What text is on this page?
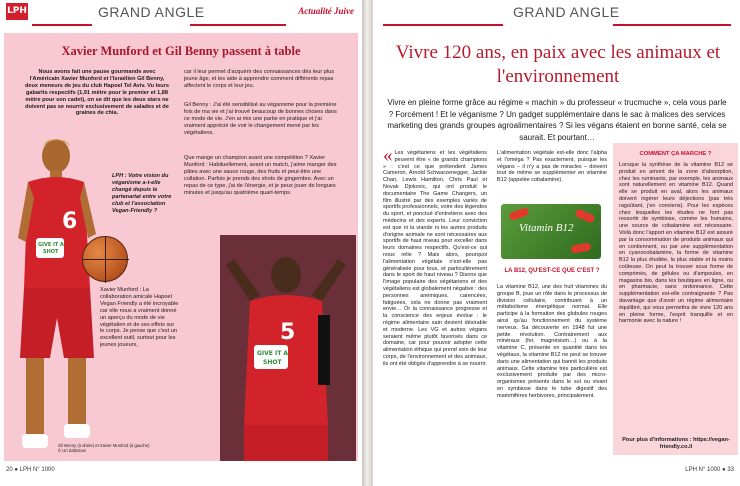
LPH	GRAND ANGLE	Actualité Juive
Xavier Munford et Gil Benny passent à table
Nous avons fait une pause gourmande avec l'Américain Xavier Munford et l'Israélien Gil Benny, deux meneurs de jeu du club Hapoel Tel Aviv. Vu leurs gabarits respectifs (1,91 mètre pour le premier et 1,88 mètre pour son cadet), on se dit que les deux stars ne doivent pas se nourrir exclusivement de salades et de graines de chia.
6
GIVE IT A
SHOT
LPH : Votre vision du véganisme a-t-elle changé depuis le partenariat entre votre club et l'association Vegan-Friendly ?
Xavier Munford : La collaboration amicale Hapoel Vegan Friendly a été incroyable car elle nous a vraiment donné un aperçu du mode de vie végétalien et de ses effets sur le corps. Je pense que c'est un excellent outil, surtout pour les jeunes joueurs,
car il leur permet d'acquérir des connaissances dès leur plus jeune âge, et les aide à apprendre comment différents repas affectent le corps et leur jeu.
Gil Benny : J'ai été sensibilisé au véganisme pour la première fois de ma vie et j'ai trouvé beaucoup de bonnes choses dans ce mode de vie. J'en ai mis une partie en pratique et j'ai vraiment apprécié de voir le changement mené par les végétaliens.
Que mange un champion avant une compétition ? Xavier Munford : Habituellement, avant un match, j'aime manger des pâtes avec une sauce rouge, des fruits et peut-être une collation. Parfois je prends des shots de gingembre. Avec un repas de ce type, j'ai de l'énergie, et je peux jouer de longues minutes et jusqu'au quatrième quart-temps.
5
GIVE IT A
SHOT
Gil Benny (à droite) et Xavier Munford (à gauche)
© Uri Zaltzman
20 ● LPH N° 1000
GRAND ANGLE
Vivre 120 ans, en paix avec les animaux et l'environnement
Vivre en pleine forme grâce au régime « machin » du professeur « trucmuche », cela vous parle ? Forcément ! Et le véganisme ? Un gadget supplémentaire dans le sac à malices des services marketing des grands groupes agroalimentaires ? Si les végans étaient en bonne santé, cela se saurait. Et pourtant…
« Les végétariens et les végétaliens peuvent être « de grands champions » : c'est ce que prétendent James Cameron, Arnold Schwarzenegger, Jackie Chan, Lewis Hamilton, Chris Paul et Novak Djokovic, qui ont produit le documentaire The Game Changers, un film illustré par des exemples variés de sportifs professionnels, voire des légendes du sport, et ponctué d'entretiens avec des médecins et des experts. Leur conviction est que ni la viande ni les autres produits d'origine animale ne sont nécessaires aux sportifs de haut niveau pour exceller dans leurs domaines respectifs. Qu'est-ce qui nous relie ? Mais alors, pourquoi l'alimentation végétale n'est-elle pas généralisée pour tous, et particulièrement dans le sport de haut niveau ? Disons que l'image populaire des végétariens et des végétaliens est globalement négative : des personnes anémiques, carencées, fatiguées, cela ne donne pas vraiment envie… Or la connaissance progresse et la conscience des enjeux évolue : le régime alimentaire sain devient désirable et moderne. Les VG et autres végans seraient même plutôt favorisés dans ce domaine, car pour pouvoir adopter cette alimentation éthique qui prend soin de leur corps, de l'environnement et des animaux, ils ont été obligés d'apprendre à se nourrir.
L'alimentation végétale est-elle donc l'alpha et l'oméga ? Pas exactement, puisque les végans – il n'y a pas de miracles – doivent tout de même se supplémenter en vitamine B12 (appelée cobalamine).
Vitamin B12
LA B12, QU'EST-CE QUE C'EST ?
La vitamine B12, une des huit vitamines du groupe B, joue un rôle dans le processus de division cellulaire, contribuant à un métabolisme énergétique normal. Elle participe à la formation des globules rouges ainsi qu'au fonctionnement du système nerveux. Sa découverte en 1948 fut une petite révolution. Contrairement aux minéraux (fer, magnésium…) ou à la vitamine C, présente en quantité dans les végétaux, la vitamine B12 ne peut se trouver dans une alimentation qui bannit les produits animaux. Cette vitamine très particulière est exclusivement produite par des micro-organismes présents dans le sol ou vivant en symbiose dans le tube digestif des mammifères herbivores, principalement.
COMMENT ÇA MARCHE ?
Lorsque la synthèse de la vitamine B12 se produit en amont de la zone d'absorption, chez les ruminants, par exemple, les animaux sont naturellement en vitamine B12. Quand elle se produit en aval, alors les animaux doivent ingérer leurs déjections (pas très ragoûtant, j'en conviens). Pour les espèces chez lesquelles les études ne font pas ressortir de symbiose, comme les humains, une source de cobalamine est nécessaire. Voilà donc l'apport en vitamine B12 est assuré par la consommation de produits animaux qui en contiennent, ou par une supplémentation en cyanocobalamine, la forme de vitamine B12 la plus étudiée, la plus stable et la moins coûteuse. On peut la trouver sous forme de comprimés, de gélules ou d'ampoules, en magasins bio, dans les boutiques en ligne, ou en pharmacie, sans ordonnance. Cette supplémentation est-elle contraignante ? Pas davantage que d'avoir un régime alimentaire équilibré, qui vous permettra de vivre 120 ans en pleine forme, l'esprit tranquille et en harmonie avec la nature !
Pour plus d'informations : https://vegan-friendly.co.il
LPH N° 1000 ● 33
